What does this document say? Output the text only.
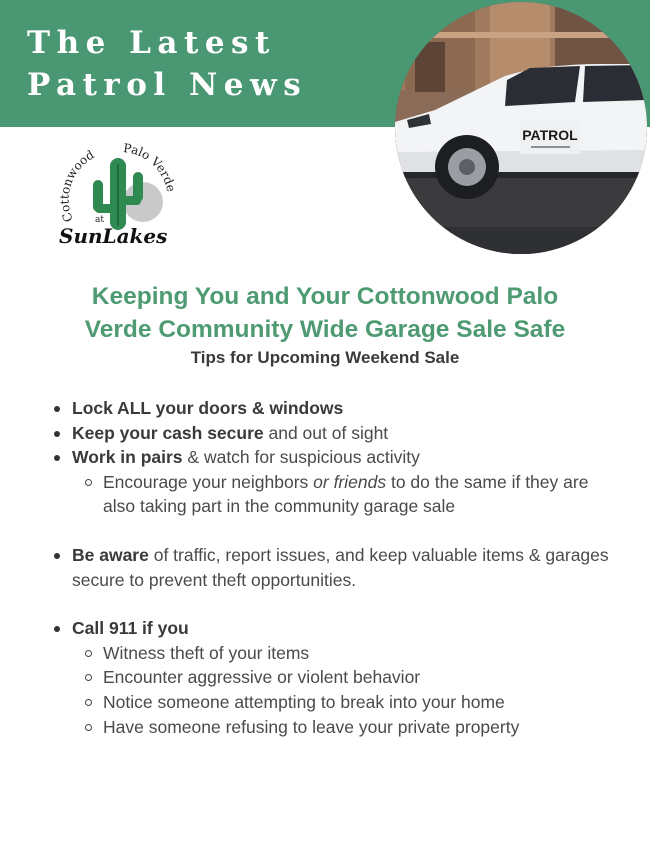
The Latest
Patrol News
PATROL
Cottonwood Palo Verde
at
SunLakes
Keeping You and Your Cottonwood Palo
Verde Community Wide Garage Sale Safe

Tips for Upcoming Weekend Sale

Lock ALL your doors & windows
Keep your cash secure and out of sight
Work in pairs & watch for suspicious activity
Encourage your neighbors or friends to do the same if they are also taking part in the community garage sale
Be aware of traffic, report issues, and keep valuable items & garages secure to prevent theft opportunities.
Call 911 if you
Witness theft of your items
Encounter aggressive or violent behavior
Notice someone attempting to break into your home
Have someone refusing to leave your private property
